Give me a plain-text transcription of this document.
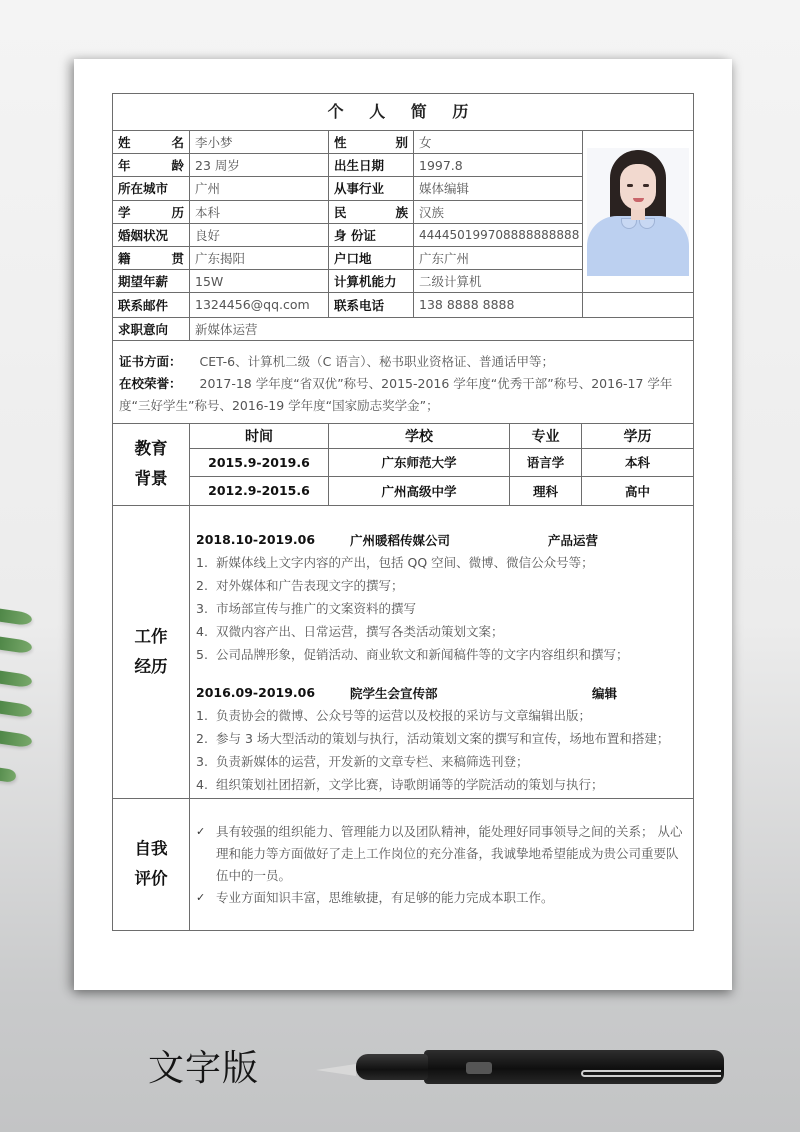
个 人 简 历
姓	名 李小梦	性	别 女
年	龄 23 周岁	出生日期	1997.8
所在城市	广州	从事行业	媒体编辑
学	历 本科	民	族 汉族
婚姻状况	良好	身 份证	444450199708888888888
籍	贯 广东揭阳	户口地	广东广州
期望年薪	15W	计算机能力	二级计算机
联系邮件	1324456@qq.com	联系电话	138 8888 8888
求职意向	新媒体运营
证书方面： CET-6、计算机二级（C 语言）、秘书职业资格证、普通话甲等；
在校荣誉： 2017-18 学年度“省双优”称号、2015-2016 学年度“优秀干部”称号、2016-17 学年度“三好学生”称号、2016-19 学年度“国家励志奖学金”；
教育
背景
时间	学校	专业	学历
2015.9-2019.6	广东师范大学	语言学	本科
2012.9-2015.6	广州高级中学	理科	高中
工作
经历
2018.10-2019.06	广州暖稻传媒公司	产品运营
1. 新媒体线上文字内容的产出，包括 QQ 空间、微博、微信公众号等；
2. 对外媒体和广告表现文字的撰写；
3. 市场部宣传与推广的文案资料的撰写
4. 双微内容产出、日常运营，撰写各类活动策划文案；
5. 公司品牌形象，促销活动、商业软文和新闻稿件等的文字内容组织和撰写；
2016.09-2019.06	院学生会宣传部	编辑
1. 负责协会的微博、公众号等的运营以及校报的采访与文章编辑出版；
2. 参与 3 场大型活动的策划与执行，活动策划文案的撰写和宣传，场地布置和搭建；
3. 负责新媒体的运营，开发新的文章专栏、来稿筛选刊登；
4. 组织策划社团招新，文学比赛，诗歌朗诵等的学院活动的策划与执行；
自我
评价
✓ 具有较强的组织能力、管理能力以及团队精神，能处理好同事领导之间的关系； 从心理和能力等方面做好了走上工作岗位的充分准备，我诚挚地希望能成为贵公司重要队伍中的一员。
✓ 专业方面知识丰富，思维敏捷，有足够的能力完成本职工作。
文字版
